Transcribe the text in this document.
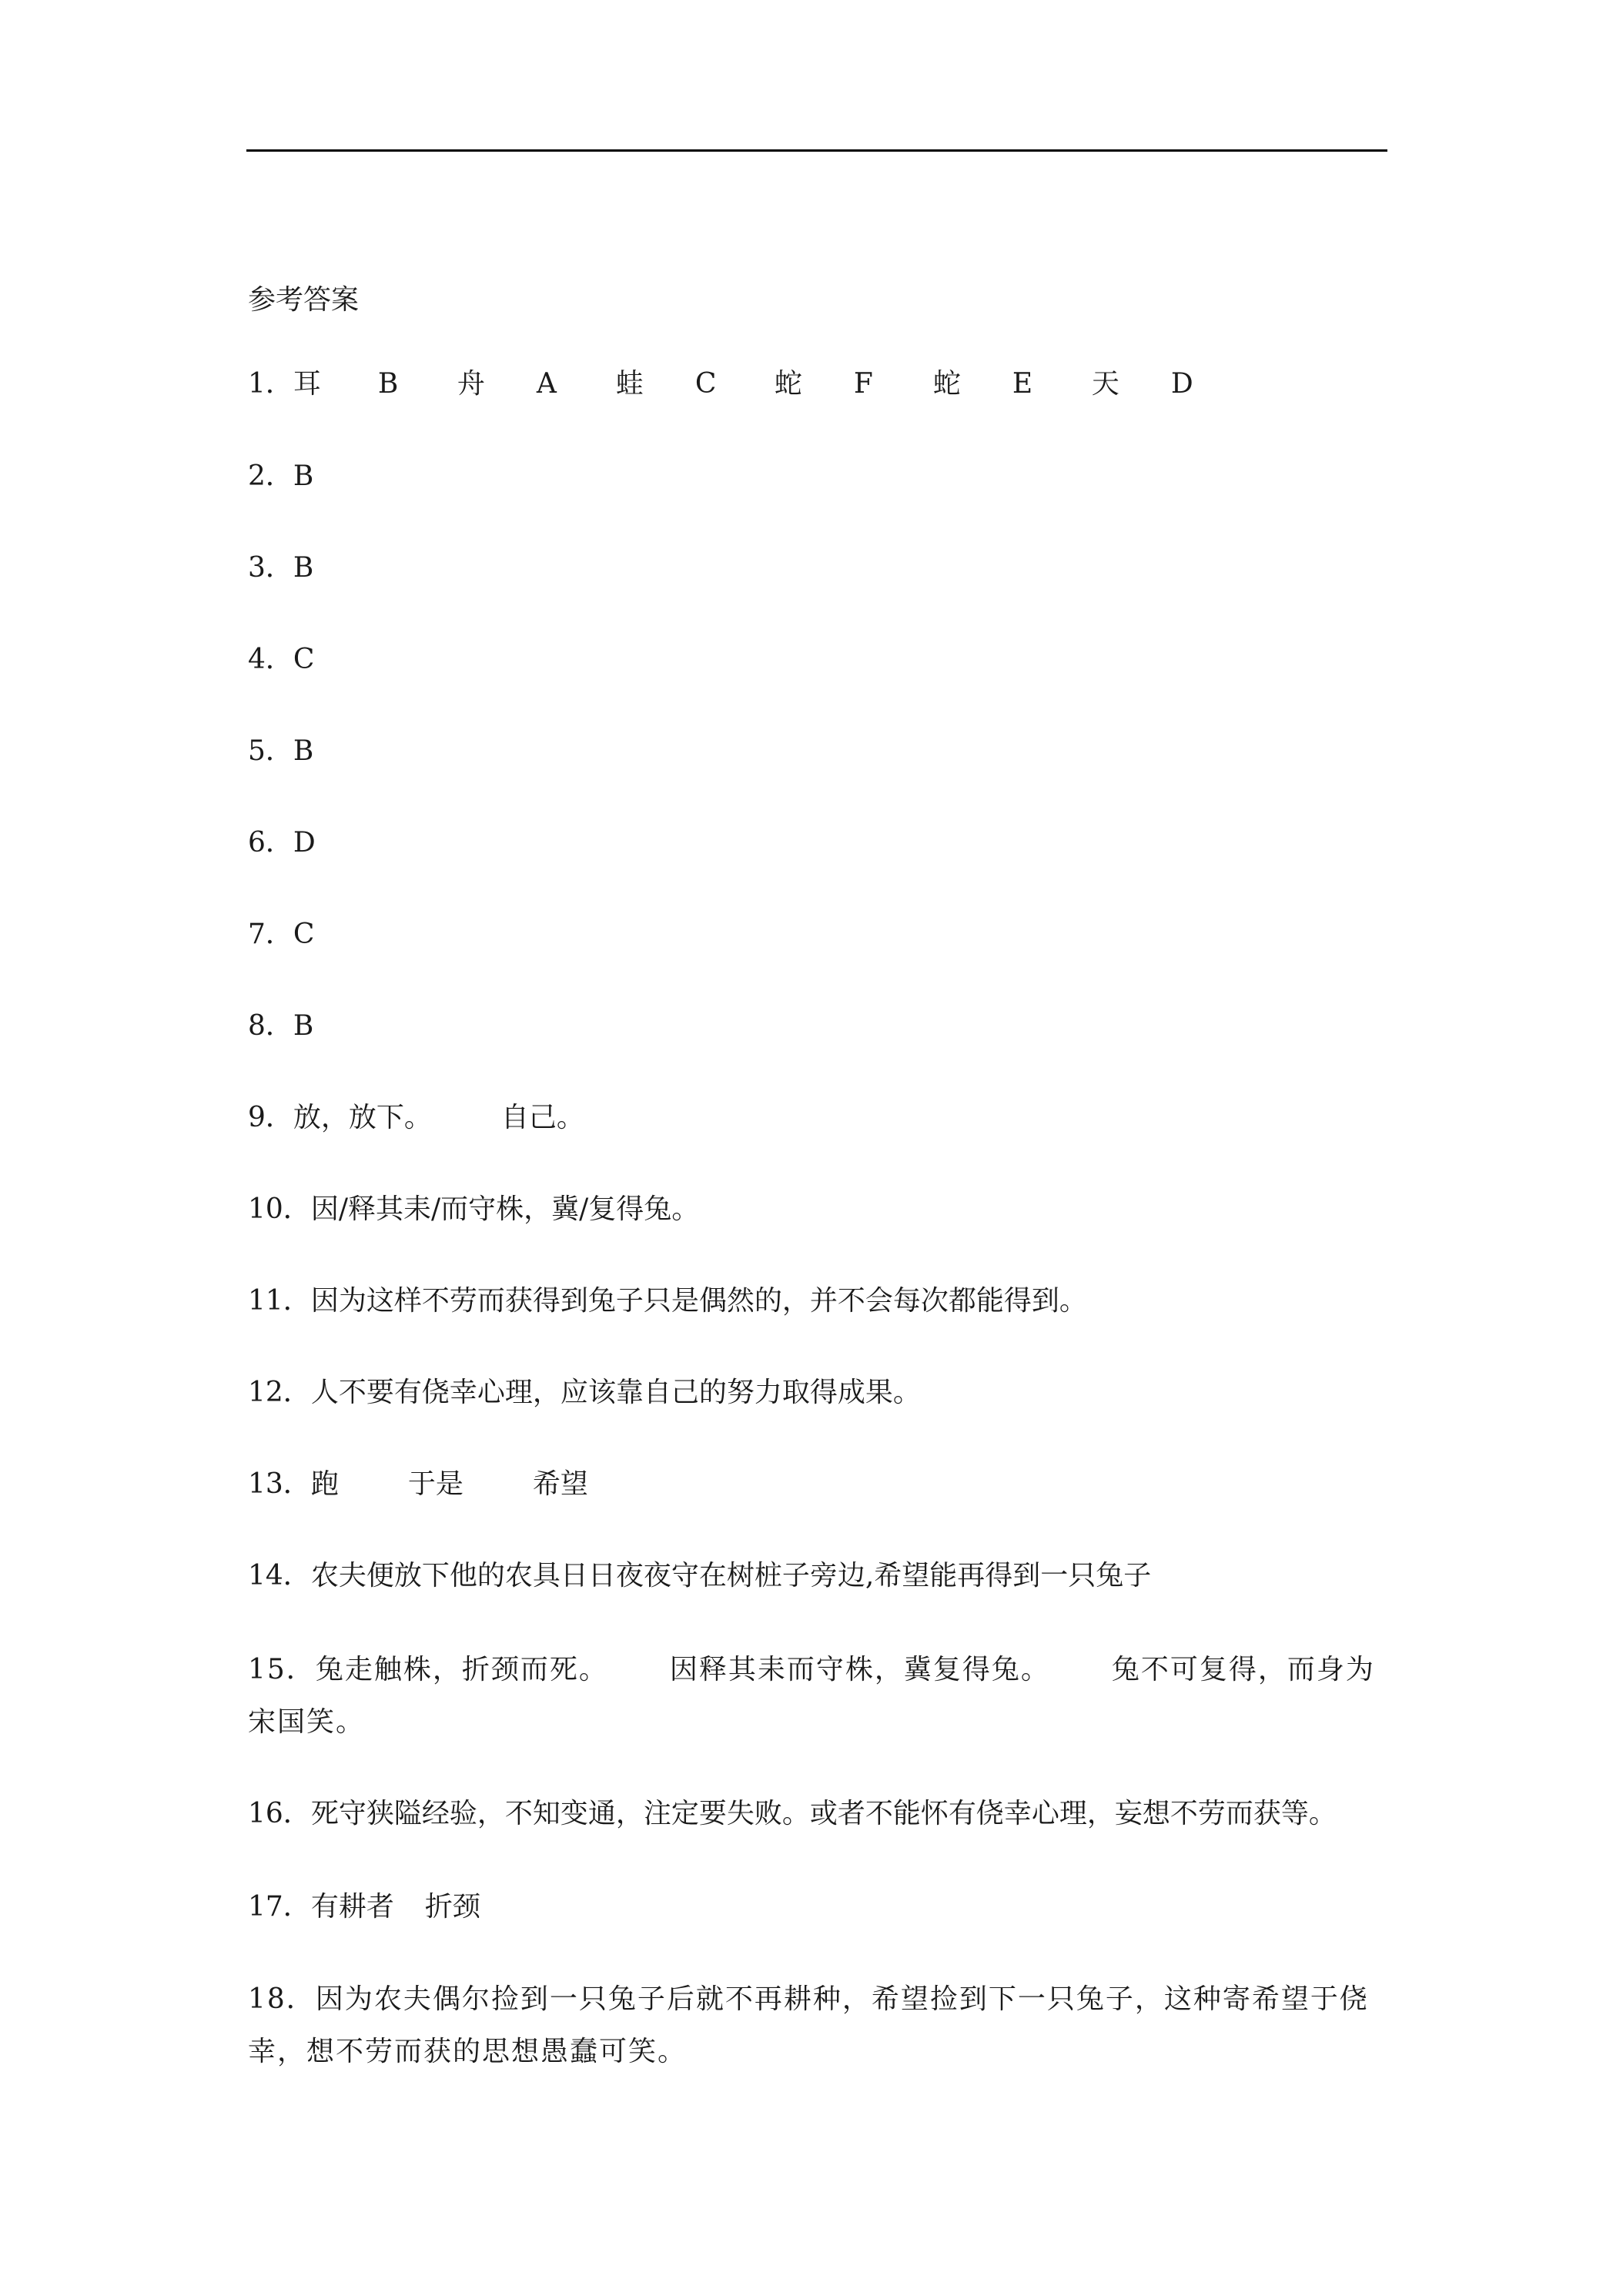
参考答案
1．耳 B 舟 A 蛙 C 蛇 F 蛇 E 天 D
2．B
3．B
4．C
5．B
6．D
7．C
8．B
9．放，放下。	自己。
10．因/释其耒/而守株，冀/复得兔。
11．因为这样不劳而获得到兔子只是偶然的，并不会每次都能得到。
12．人不要有侥幸心理，应该靠自己的努力取得成果。
13．跑	于是	希望
14．农夫便放下他的农具日日夜夜守在树桩子旁边,希望能再得到一只兔子
15．兔走触株，折颈而死。 因释其耒而守株，冀复得兔。 兔不可复得，而身为宋国笑。
16．死守狭隘经验，不知变通，注定要失败。或者不能怀有侥幸心理，妄想不劳而获等。
17．有耕者 折颈
18．因为农夫偶尔捡到一只兔子后就不再耕种，希望捡到下一只兔子，这种寄希望于侥幸，想不劳而获的思想愚蠢可笑。
